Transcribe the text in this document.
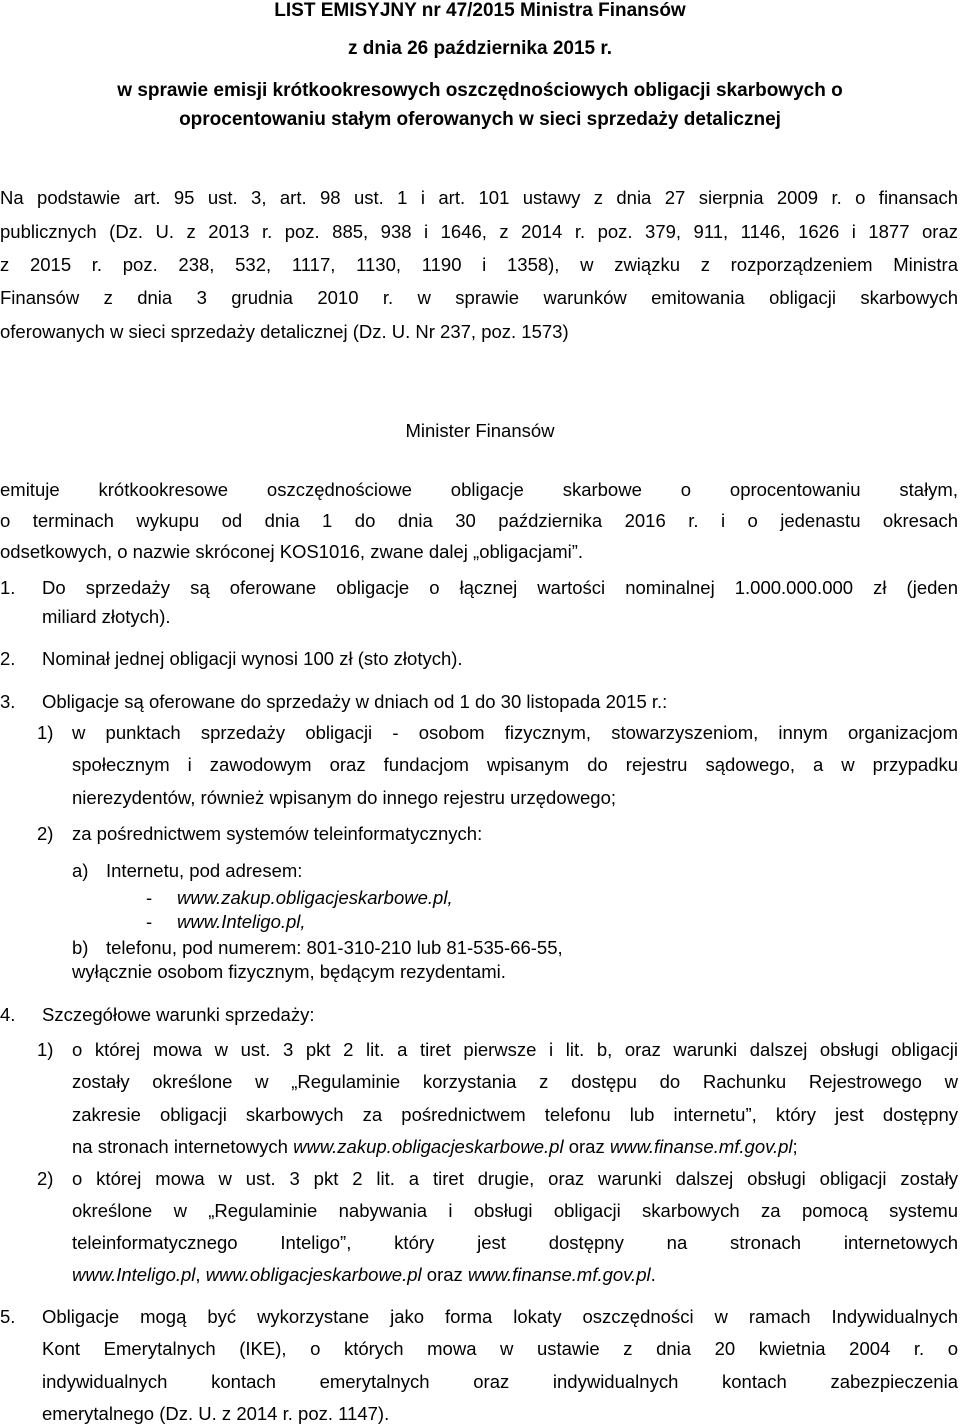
LIST EMISYJNY nr 47/2015 Ministra Finansów
z dnia 26 października 2015 r.
w sprawie emisji krótkookresowych oszczędnościowych obligacji skarbowych o
oprocentowaniu stałym oferowanych w sieci sprzedaży detalicznej
Na podstawie art. 95 ust. 3, art. 98 ust. 1 i art. 101 ustawy z dnia 27 sierpnia 2009 r. o finansach
publicznych (Dz. U. z 2013 r. poz. 885, 938 i 1646, z 2014 r. poz. 379, 911, 1146, 1626 i 1877 oraz
z 2015 r. poz. 238, 532, 1117, 1130, 1190 i 1358), w związku z rozporządzeniem Ministra
Finansów z dnia 3 grudnia 2010 r. w sprawie warunków emitowania obligacji skarbowych
oferowanych w sieci sprzedaży detalicznej (Dz. U. Nr 237, poz. 1573)
Minister Finansów
emituje krótkookresowe oszczędnościowe obligacje skarbowe o oprocentowaniu stałym,
o terminach wykupu od dnia 1 do dnia 30 października 2016 r. i o jedenastu okresach
odsetkowych, o nazwie skróconej KOS1016, zwane dalej „obligacjami”.
1. Do sprzedaży są oferowane obligacje o łącznej wartości nominalnej 1.000.000.000 zł (jeden
miliard złotych).
2. Nominał jednej obligacji wynosi 100 zł (sto złotych).
3. Obligacje są oferowane do sprzedaży w dniach od 1 do 30 listopada 2015 r.:
1) w punktach sprzedaży obligacji - osobom fizycznym, stowarzyszeniom, innym organizacjom
społecznym i zawodowym oraz fundacjom wpisanym do rejestru sądowego, a w przypadku
nierezydentów, również wpisanym do innego rejestru urzędowego;
2) za pośrednictwem systemów teleinformatycznych:
a) Internetu, pod adresem:
- www.zakup.obligacjeskarbowe.pl,
- www.Inteligo.pl,
b) telefonu, pod numerem: 801-310-210 lub 81-535-66-55,
wyłącznie osobom fizycznym, będącym rezydentami.
4. Szczegółowe warunki sprzedaży:
1) o której mowa w ust. 3 pkt 2 lit. a tiret pierwsze i lit. b, oraz warunki dalszej obsługi obligacji
zostały określone w „Regulaminie korzystania z dostępu do Rachunku Rejestrowego w
zakresie obligacji skarbowych za pośrednictwem telefonu lub internetu”, który jest dostępny
na stronach internetowych www.zakup.obligacjeskarbowe.pl oraz www.finanse.mf.gov.pl;
2) o której mowa w ust. 3 pkt 2 lit. a tiret drugie, oraz warunki dalszej obsługi obligacji zostały
określone w „Regulaminie nabywania i obsługi obligacji skarbowych za pomocą systemu
teleinformatycznego Inteligo”, który jest dostępny na stronach internetowych
www.Inteligo.pl, www.obligacjeskarbowe.pl oraz www.finanse.mf.gov.pl.
5. Obligacje mogą być wykorzystane jako forma lokaty oszczędności w ramach Indywidualnych
Kont Emerytalnych (IKE), o których mowa w ustawie z dnia 20 kwietnia 2004 r. o
indywidualnych kontach emerytalnych oraz indywidualnych kontach zabezpieczenia
emerytalnego (Dz. U. z 2014 r. poz. 1147).
